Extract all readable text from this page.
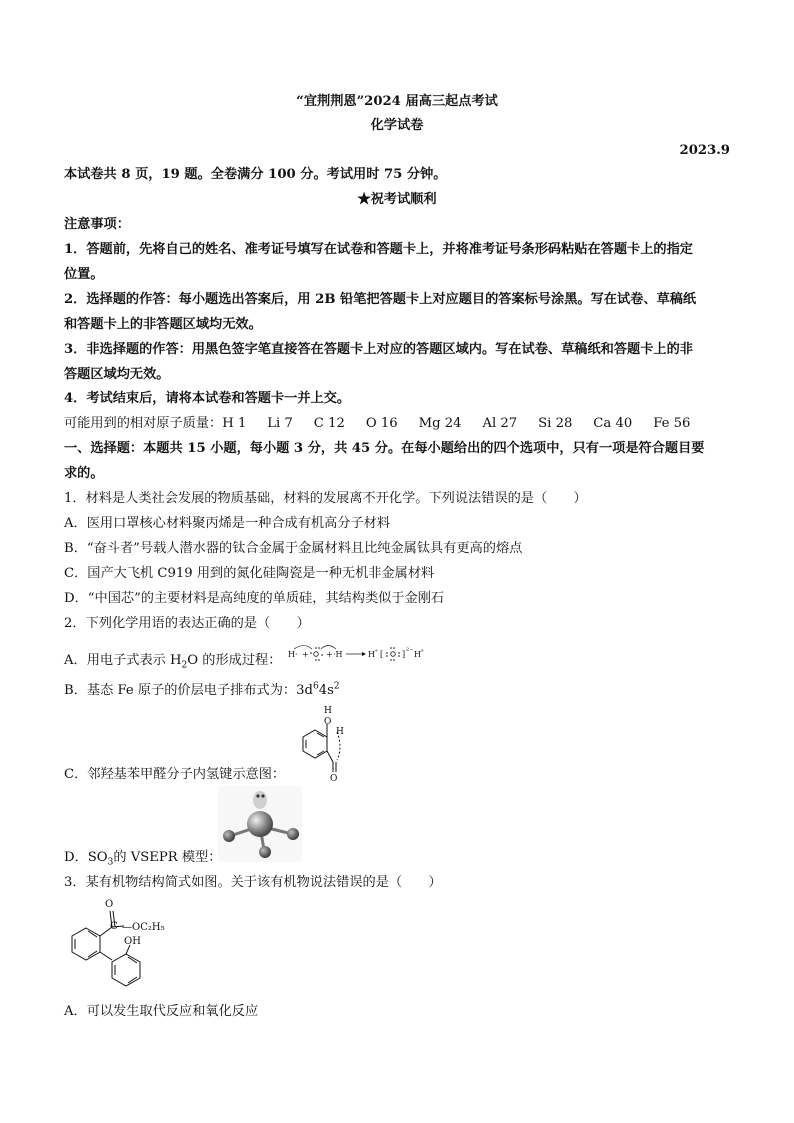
“宜荆荆恩”2024 届高三起点考试
化学试卷
2023.9
本试卷共 8 页，19 题。全卷满分 100 分。考试用时 75 分钟。
★祝考试顺利
注意事项：
1．答题前，先将自己的姓名、准考证号填写在试卷和答题卡上，并将准考证号条形码粘贴在答题卡上的指定
位置。
2．选择题的作答：每小题选出答案后，用 2B 铅笔把答题卡上对应题目的答案标号涂黑。写在试卷、草稿纸
和答题卡上的非答题区域均无效。
3．非选择题的作答：用黑色签字笔直接答在答题卡上对应的答题区域内。写在试卷、草稿纸和答题卡上的非
答题区域均无效。
4．考试结束后，请将本试卷和答题卡一并上交。
可能用到的相对原子质量：H 1     Li 7     C 12     O 16     Mg 24     Al 27     Si 28     Ca 40     Fe 56
一、选择题：本题共 15 小题，每小题 3 分，共 45 分。在每小题给出的四个选项中，只有一项是符合题目要
求的。
1．材料是人类社会发展的物质基础，材料的发展离不开化学。下列说法错误的是（　　）
A．医用口罩核心材料聚丙烯是一种合成有机高分子材料
B．“奋斗者”号载人潜水器的钛合金属于金属材料且比纯金属钛具有更高的熔点
C．国产大飞机 C919 用到的氮化硅陶瓷是一种无机非金属材料
D．“中国芯”的主要材料是高纯度的单质硅，其结构类似于金刚石
2．下列化学用语的表达正确的是（　　）
A．用电子式表示 $H_2O$ 的形成过程： H· + + ·H	H + [ ] 2− H +
B．基态 Fe 原子的价层电子排布式为：$3d^64s^2$
H
O
H
O
C．邻羟基苯甲醛分子内氢键示意图：
D．$SO_3$的 VSEPR 模型：
3．某有机物结构简式如图。关于该有机物说法错误的是（　　）
O
C —OC₂H₅
OH
A．可以发生取代反应和氧化反应
